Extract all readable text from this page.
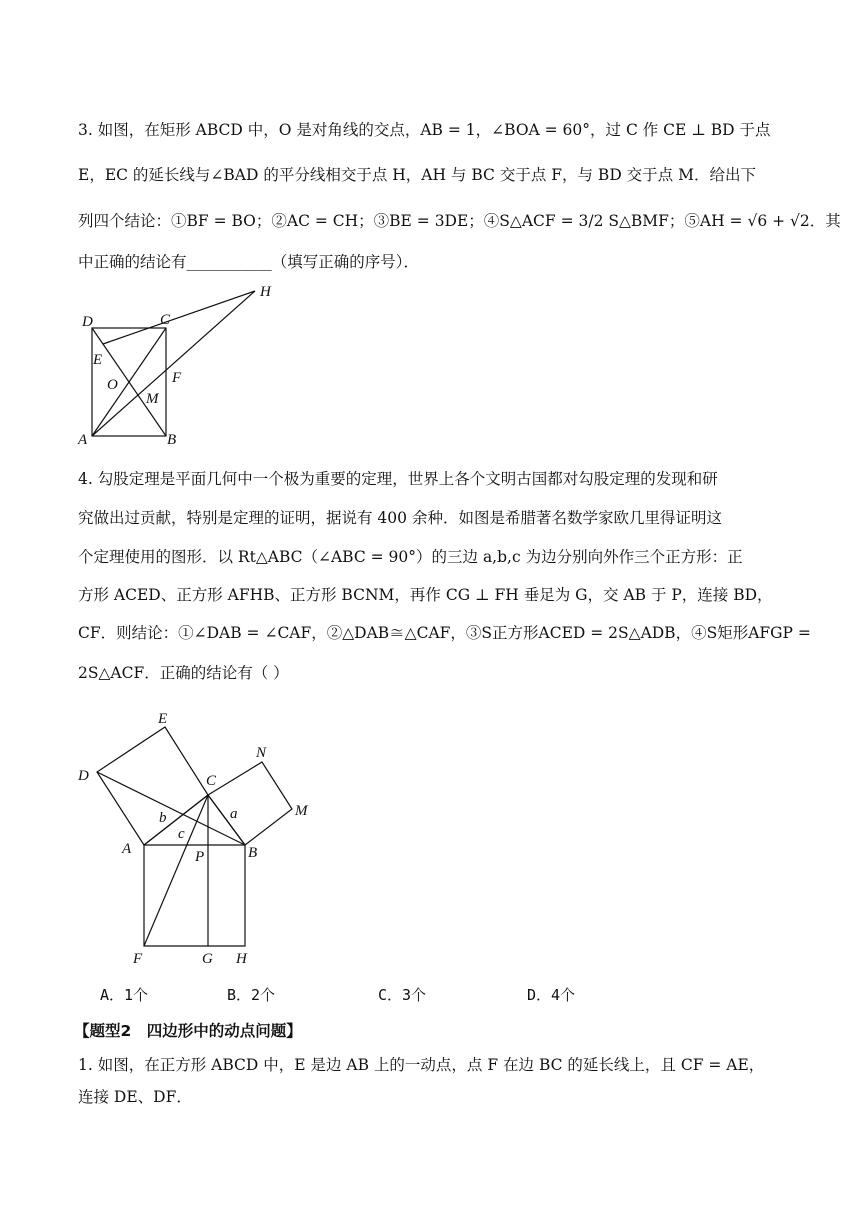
3. 如图，在矩形 ABCD 中，O 是对角线的交点，AB = 1，∠BOA = 60°，过 C 作 CE ⊥ BD 于点
E，EC 的延长线与∠BAD 的平分线相交于点 H，AH 与 BC 交于点 F，与 BD 交于点 M．给出下
列四个结论：①BF = BO；②AC = CH；③BE = 3DE；④S△ACF = 3/2 S△BMF；⑤AH = √6 + √2．其
中正确的结论有___________（填写正确的序号）．
D	C
H
E
F
O
M
A	B
4. 勾股定理是平面几何中一个极为重要的定理，世界上各个文明古国都对勾股定理的发现和研
究做出过贡献，特别是定理的证明，据说有 400 余种．如图是希腊著名数学家欧几里得证明这
个定理使用的图形．以 Rt△ABC（∠ABC = 90°）的三边 a,b,c 为边分别向外作三个正方形：正
方形 ACED、正方形 AFHB、正方形 BCNM，再作 CG ⊥ FH 垂足为 G，交 AB 于 P，连接 BD，
CF．则结论：①∠DAB = ∠CAF，②△DAB≅△CAF，③S正方形ACED = 2S△ADB，④S矩形AFGP =
2S△ACF．正确的结论有（ ）
E
N
D	C
M
b	a
c
A	P	B
F	G H
A．1个	B．2个	C．3个	D．4个
【题型2　四边形中的动点问题】
1. 如图，在正方形 ABCD 中，E 是边 AB 上的一动点，点 F 在边 BC 的延长线上，且 CF = AE，
连接 DE、DF．
